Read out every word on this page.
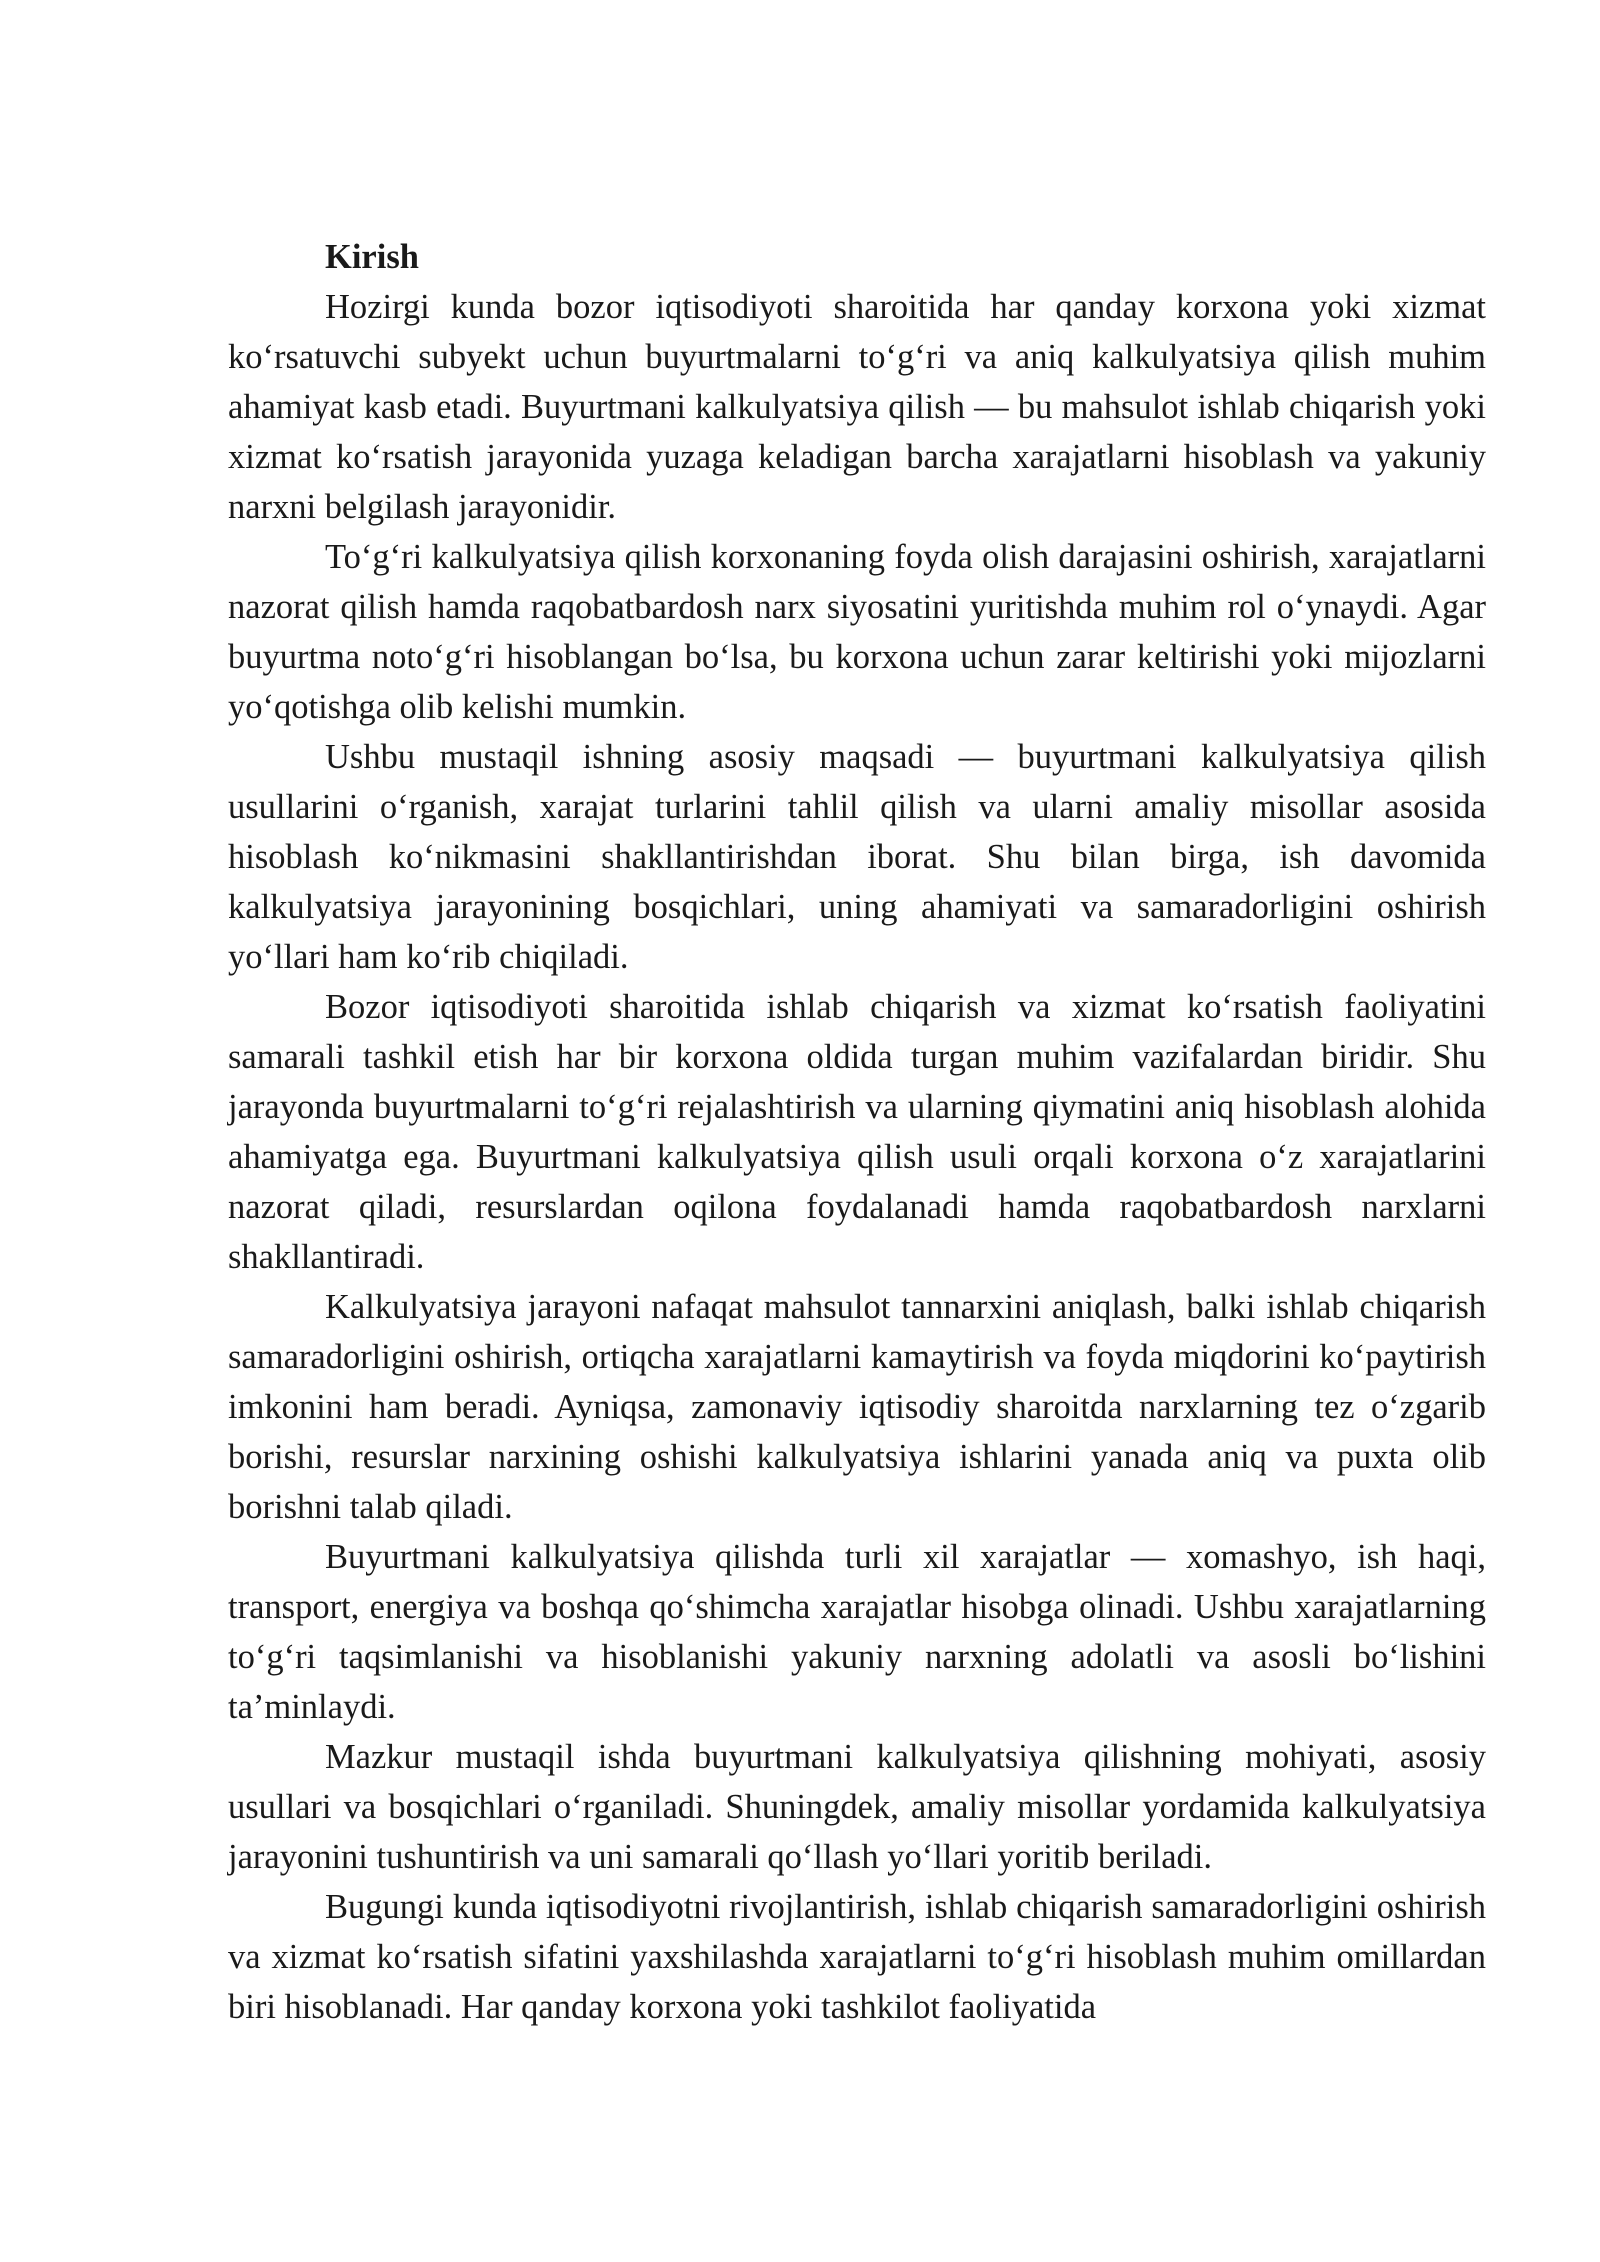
Kirish

Hozirgi kunda bozor iqtisodiyoti sharoitida har qanday korxona yoki xizmat ko‘rsatuvchi subyekt uchun buyurtmalarni to‘g‘ri va aniq kalkulyatsiya qilish muhim ahamiyat kasb etadi. Buyurtmani kalkulyatsiya qilish — bu mahsulot ishlab chiqarish yoki xizmat ko‘rsatish jarayonida yuzaga keladigan barcha xarajatlarni hisoblash va yakuniy narxni belgilash jarayonidir.

To‘g‘ri kalkulyatsiya qilish korxonaning foyda olish darajasini oshirish, xarajatlarni nazorat qilish hamda raqobatbardosh narx siyosatini yuritishda muhim rol o‘ynaydi. Agar buyurtma noto‘g‘ri hisoblangan bo‘lsa, bu korxona uchun zarar keltirishi yoki mijozlarni yo‘qotishga olib kelishi mumkin.

Ushbu mustaqil ishning asosiy maqsadi — buyurtmani kalkulyatsiya qilish usullarini o‘rganish, xarajat turlarini tahlil qilish va ularni amaliy misollar asosida hisoblash ko‘nikmasini shakllantirishdan iborat. Shu bilan birga, ish davomida kalkulyatsiya jarayonining bosqichlari, uning ahamiyati va samaradorligini oshirish yo‘llari ham ko‘rib chiqiladi.

Bozor iqtisodiyoti sharoitida ishlab chiqarish va xizmat ko‘rsatish faoliyatini samarali tashkil etish har bir korxona oldida turgan muhim vazifalardan biridir. Shu jarayonda buyurtmalarni to‘g‘ri rejalashtirish va ularning qiymatini aniq hisoblash alohida ahamiyatga ega. Buyurtmani kalkulyatsiya qilish usuli orqali korxona o‘z xarajatlarini nazorat qiladi, resurslardan oqilona foydalanadi hamda raqobatbardosh narxlarni shakllantiradi.

Kalkulyatsiya jarayoni nafaqat mahsulot tannarxini aniqlash, balki ishlab chiqarish samaradorligini oshirish, ortiqcha xarajatlarni kamaytirish va foyda miqdorini ko‘paytirish imkonini ham beradi. Ayniqsa, zamonaviy iqtisodiy sharoitda narxlarning tez o‘zgarib borishi, resurslar narxining oshishi kalkulyatsiya ishlarini yanada aniq va puxta olib borishni talab qiladi.

Buyurtmani kalkulyatsiya qilishda turli xil xarajatlar — xomashyo, ish haqi, transport, energiya va boshqa qo‘shimcha xarajatlar hisobga olinadi. Ushbu xarajatlarning to‘g‘ri taqsimlanishi va hisoblanishi yakuniy narxning adolatli va asosli bo‘lishini ta’minlaydi.

Mazkur mustaqil ishda buyurtmani kalkulyatsiya qilishning mohiyati, asosiy usullari va bosqichlari o‘rganiladi. Shuningdek, amaliy misollar yordamida kalkulyatsiya jarayonini tushuntirish va uni samarali qo‘llash yo‘llari yoritib beriladi.

Bugungi kunda iqtisodiyotni rivojlantirish, ishlab chiqarish samaradorligini oshirish va xizmat ko‘rsatish sifatini yaxshilashda xarajatlarni to‘g‘ri hisoblash muhim omillardan biri hisoblanadi. Har qanday korxona yoki tashkilot faoliyatida
